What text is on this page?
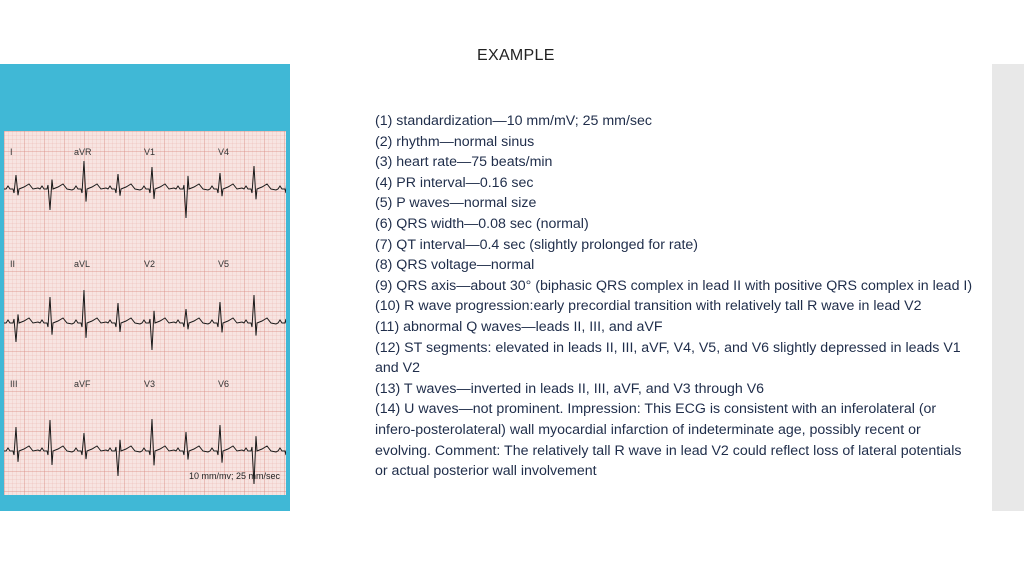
EXAMPLE
I	aVR	V1	V4
II	aVL	V2	V5
III	aVF	V3	V6
10 mm/mv; 25 mm/sec
(1) standardization—10 mm/mV; 25 mm/sec
(2) rhythm—normal sinus
(3) heart rate—75 beats/min
(4) PR interval—0.16 sec
(5) P waves—normal size
(6) QRS width—0.08 sec (normal)
(7) QT interval—0.4 sec (slightly prolonged for rate)
(8) QRS voltage—normal
(9) QRS axis—about 30° (biphasic QRS complex in lead II with positive QRS complex in lead I)
(10) R wave progression:early precordial transition with relatively tall R wave in lead V2
(11) abnormal Q waves—leads II, III, and aVF
(12) ST segments: elevated in leads II, III, aVF, V4, V5, and V6 slightly depressed in leads V1 and V2
(13) T waves—inverted in leads II, III, aVF, and V3 through V6
(14) U waves—not prominent. Impression: This ECG is consistent with an inferolateral (or infero-posterolateral) wall myocardial infarction of indeterminate age, possibly recent or evolving. Comment: The relatively tall R wave in lead V2 could reflect loss of lateral potentials or actual posterior wall involvement
